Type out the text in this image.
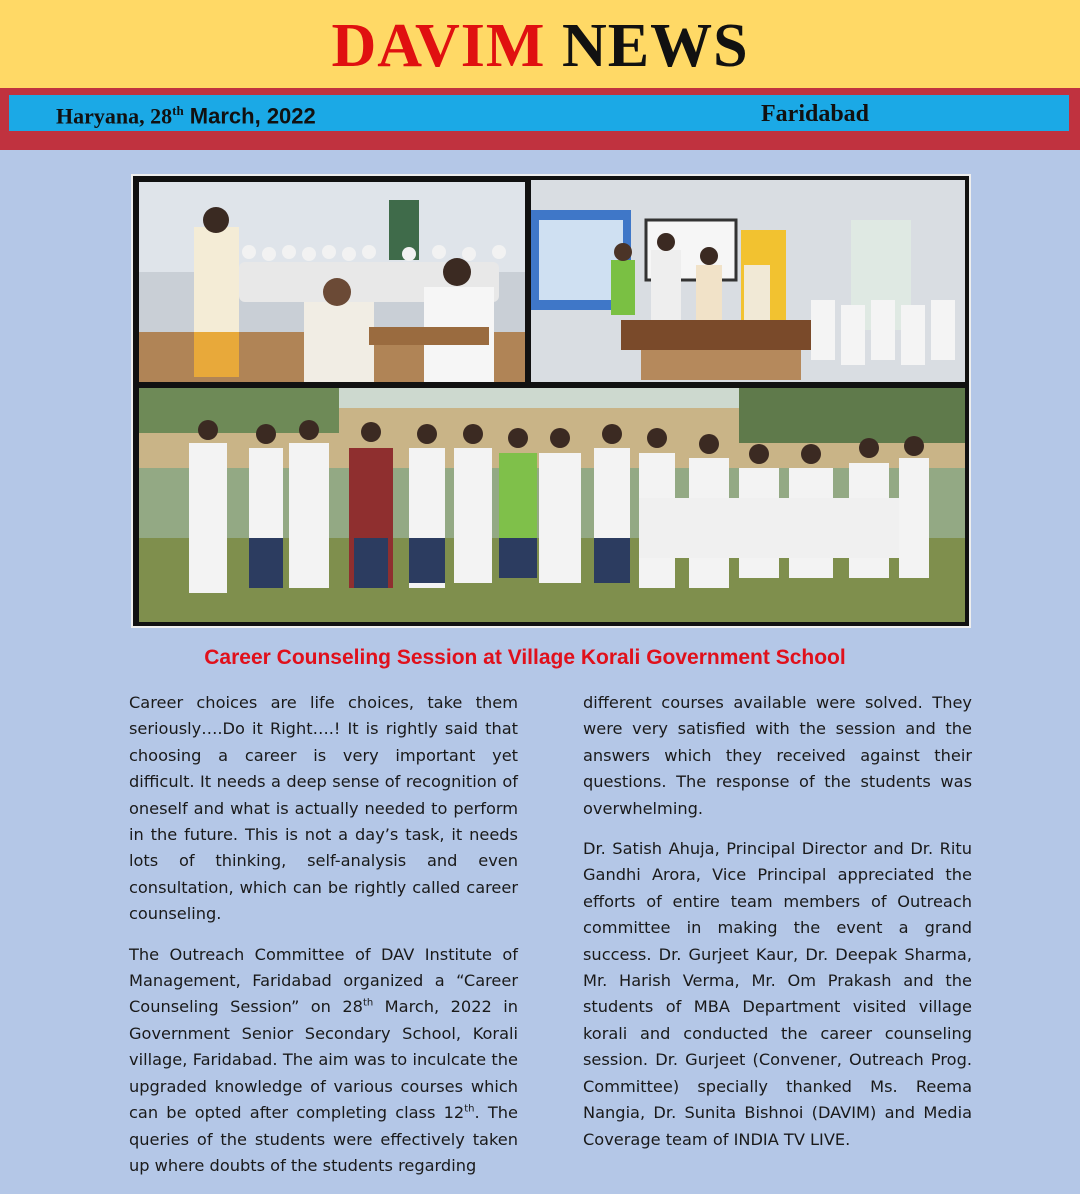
DAVIM NEWS
Haryana, 28th March, 2022	Faridabad
Career Counseling Session at Village Korali Government School

Career choices are life choices, take them seriously….Do it Right….! It is rightly said that choosing a career is very important yet difficult. It needs a deep sense of recognition of oneself and what is actually needed to perform in the future. This is not a day’s task, it needs lots of thinking, self-analysis and even consultation, which can be rightly called career counseling.

The Outreach Committee of DAV Institute of Management, Faridabad organized a “Career Counseling Session” on 28th March, 2022 in Government Senior Secondary School, Korali village, Faridabad. The aim was to inculcate the upgraded knowledge of various courses which can be opted after completing class 12th. The queries of the students were effectively taken up where doubts of the students regarding

different courses available were solved. They were very satisfied with the session and the answers which they received against their questions. The response of the students was overwhelming.

Dr. Satish Ahuja, Principal Director and Dr. Ritu Gandhi Arora, Vice Principal appreciated the efforts of entire team members of Outreach committee in making the event a grand success. Dr. Gurjeet Kaur, Dr. Deepak Sharma, Mr. Harish Verma, Mr. Om Prakash and the students of MBA Department visited village korali and conducted the career counseling session. Dr. Gurjeet (Convener, Outreach Prog. Committee) specially thanked Ms. Reema Nangia, Dr. Sunita Bishnoi (DAVIM) and Media Coverage team of INDIA TV LIVE.
